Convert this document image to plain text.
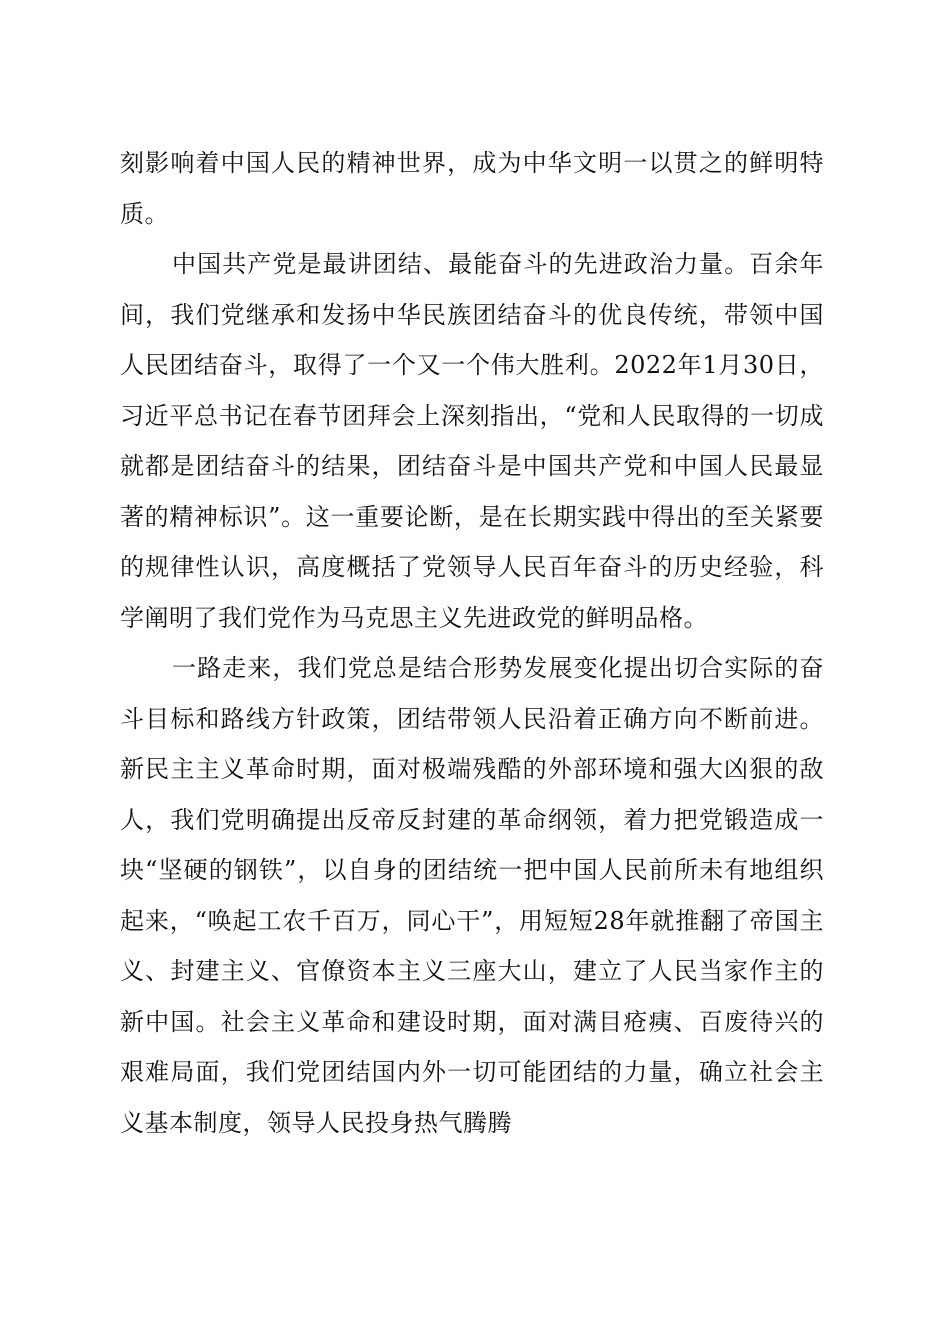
刻影响着中国人民的精神世界，成为中华文明一以贯之的鲜明特质。

中国共产党是最讲团结、最能奋斗的先进政治力量。百余年间，我们党继承和发扬中华民族团结奋斗的优良传统，带领中国人民团结奋斗，取得了一个又一个伟大胜利。2022年1月30日，习近平总书记在春节团拜会上深刻指出，“党和人民取得的一切成就都是团结奋斗的结果，团结奋斗是中国共产党和中国人民最显著的精神标识”。这一重要论断，是在长期实践中得出的至关紧要的规律性认识，高度概括了党领导人民百年奋斗的历史经验，科学阐明了我们党作为马克思主义先进政党的鲜明品格。

一路走来，我们党总是结合形势发展变化提出切合实际的奋斗目标和路线方针政策，团结带领人民沿着正确方向不断前进。新民主主义革命时期，面对极端残酷的外部环境和强大凶狠的敌人，我们党明确提出反帝反封建的革命纲领，着力把党锻造成一块“坚硬的钢铁”，以自身的团结统一把中国人民前所未有地组织起来，“唤起工农千百万，同心干”，用短短28年就推翻了帝国主义、封建主义、官僚资本主义三座大山，建立了人民当家作主的新中国。社会主义革命和建设时期，面对满目疮痍、百废待兴的艰难局面，我们党团结国内外一切可能团结的力量，确立社会主义基本制度，领导人民投身热气腾腾
